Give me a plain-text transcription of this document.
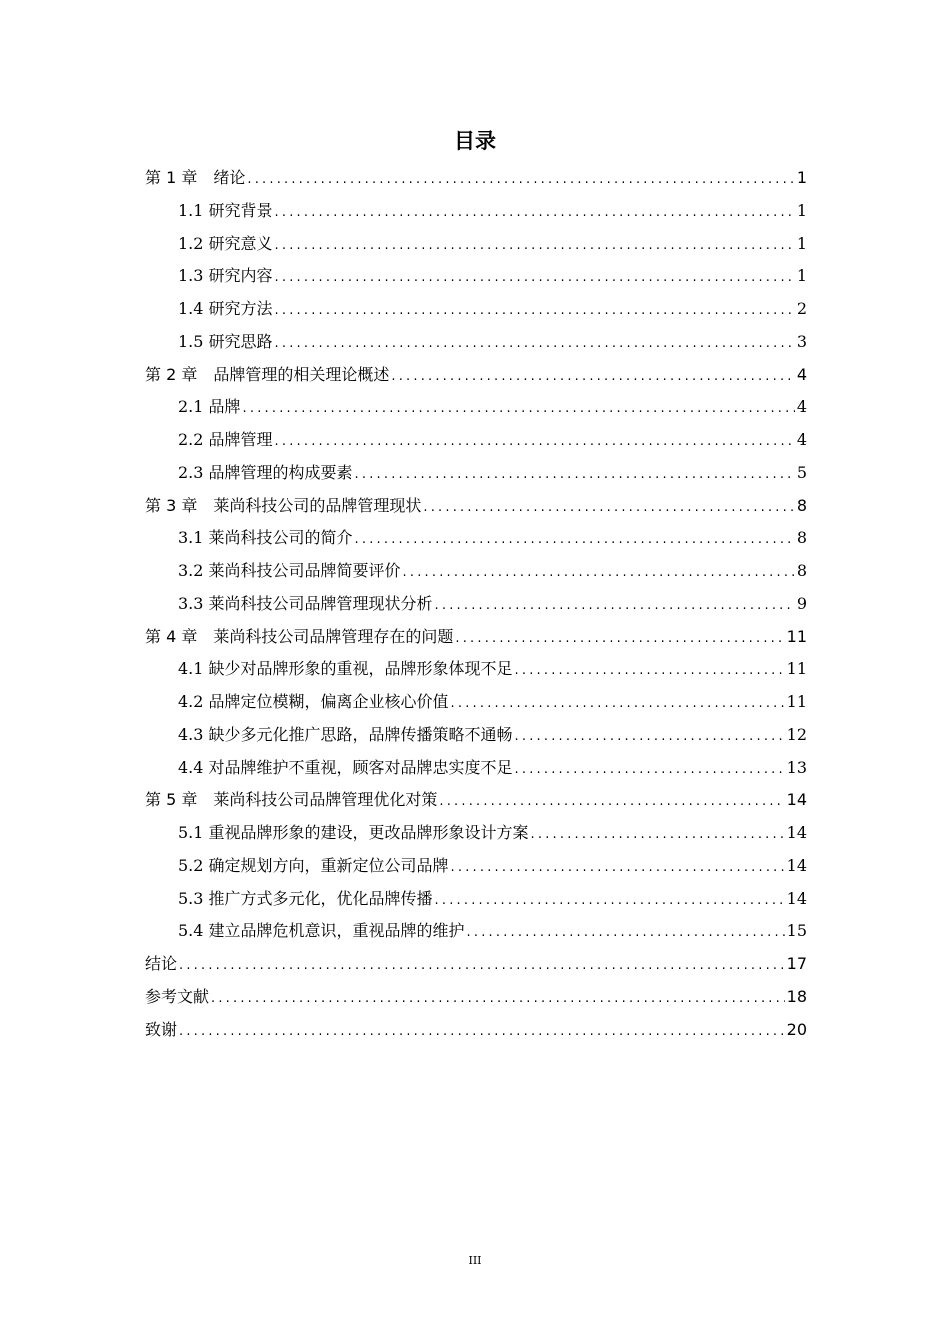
目录
第 1 章　绪论 .....	1
1.1 研究背景 .....	1
1.2 研究意义 .....	1
1.3 研究内容 .....	1
1.4 研究方法 .....	2
1.5 研究思路 .....	3
第 2 章　品牌管理的相关理论概述 .....	4
2.1 品牌 .....	4
2.2 品牌管理 .....	4
2.3 品牌管理的构成要素 .....	5
第 3 章　莱尚科技公司的品牌管理现状 .....	8
3.1 莱尚科技公司的简介 .....	8
3.2 莱尚科技公司品牌简要评价 .....	8
3.3 莱尚科技公司品牌管理现状分析 .....	9
第 4 章　莱尚科技公司品牌管理存在的问题 .....	11
4.1 缺少对品牌形象的重视，品牌形象体现不足 .....	11
4.2 品牌定位模糊，偏离企业核心价值 .....	11
4.3 缺少多元化推广思路，品牌传播策略不通畅 .....	12
4.4 对品牌维护不重视，顾客对品牌忠实度不足 .....	13
第 5 章　莱尚科技公司品牌管理优化对策 .....	14
5.1 重视品牌形象的建设，更改品牌形象设计方案 .....	14
5.2 确定规划方向，重新定位公司品牌 .....	14
5.3 推广方式多元化，优化品牌传播 .....	14
5.4 建立品牌危机意识，重视品牌的维护 .....	15
结论 .....	17
参考文献 .....	18
致谢 .....	20
III
